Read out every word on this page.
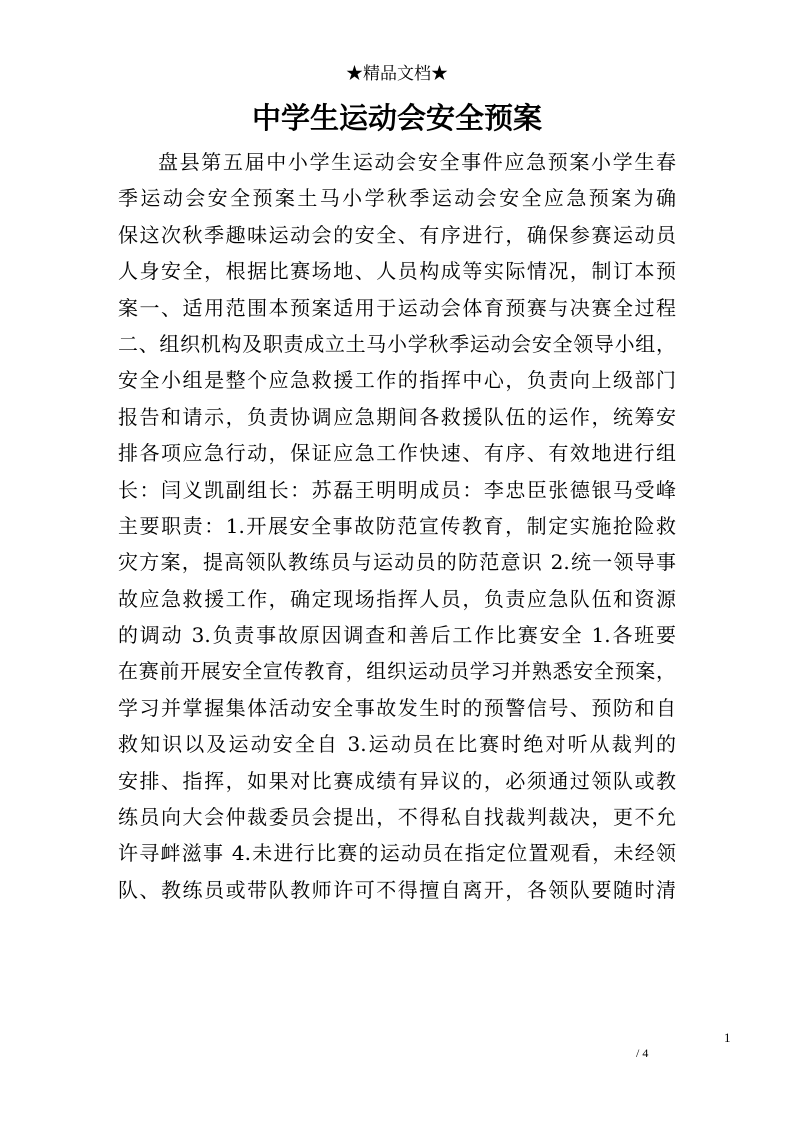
★精品文档★
中学生运动会安全预案
盘县第五届中小学生运动会安全事件应急预案小学生春
季运动会安全预案土马小学秋季运动会安全应急预案为确
保这次秋季趣味运动会的安全、有序进行，确保参赛运动员
人身安全，根据比赛场地、人员构成等实际情况，制订本预
案一、适用范围本预案适用于运动会体育预赛与决赛全过程
二、组织机构及职责成立土马小学秋季运动会安全领导小组，
安全小组是整个应急救援工作的指挥中心，负责向上级部门
报告和请示，负责协调应急期间各救援队伍的运作，统筹安
排各项应急行动，保证应急工作快速、有序、有效地进行组
长：闫义凯副组长：苏磊王明明成员：李忠臣张德银马受峰
主要职责：1.开展安全事故防范宣传教育，制定实施抢险救
灾方案，提高领队教练员与运动员的防范意识 2.统一领导事
故应急救援工作，确定现场指挥人员，负责应急队伍和资源
的调动 3.负责事故原因调查和善后工作比赛安全 1.各班要
在赛前开展安全宣传教育，组织运动员学习并熟悉安全预案，
学习并掌握集体活动安全事故发生时的预警信号、预防和自
救知识以及运动安全自 3.运动员在比赛时绝对听从裁判的
安排、指挥，如果对比赛成绩有异议的，必须通过领队或教
练员向大会仲裁委员会提出，不得私自找裁判裁决，更不允
许寻衅滋事 4.未进行比赛的运动员在指定位置观看，未经领
队、教练员或带队教师许可不得擅自离开，各领队要随时清
1
/ 4
